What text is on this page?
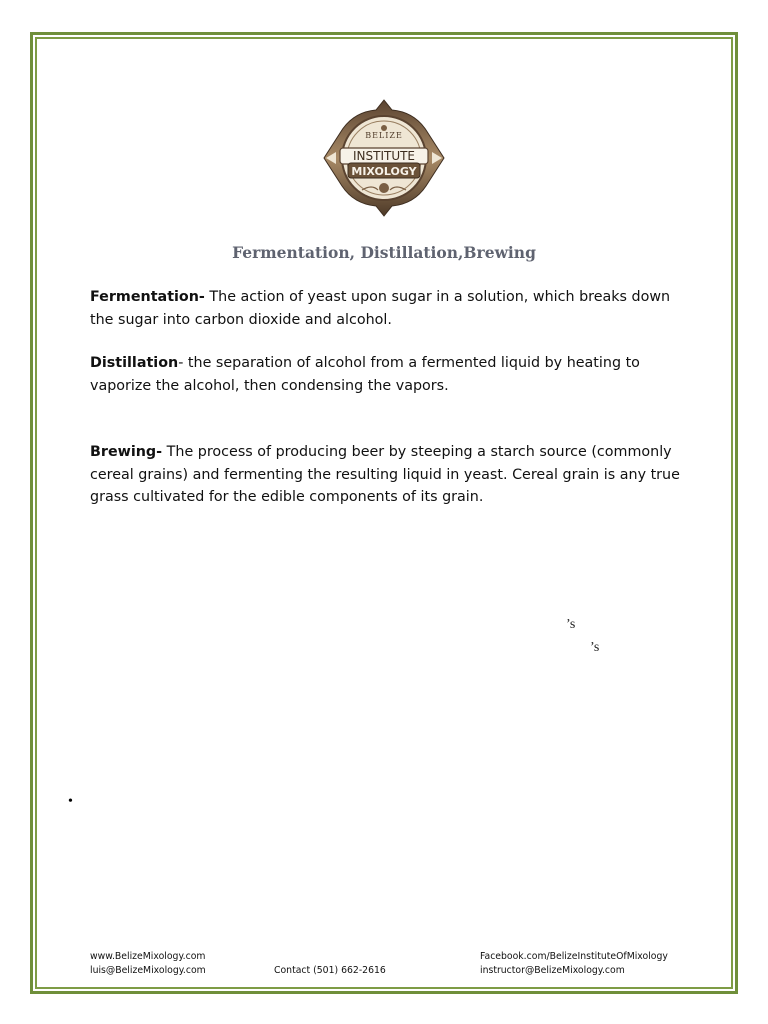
BELIZE
INSTITUTE
MIXOLOGY
Fermentation, Distillation,Brewing
Fermentation- The action of yeast upon sugar in a solution, which breaks down the sugar into carbon dioxide and alcohol.
Distillation- the separation of alcohol from a fermented liquid by heating to vaporize the alcohol, then condensing the vapors.
Brewing- The process of producing beer by steeping a starch source (commonly cereal grains) and fermenting the resulting liquid in yeast. Cereal grain is any true grass cultivated for the edible components of its grain.
’s
’s
•
www.BelizeMixology.com
luis@BelizeMixology.com	Contact (501) 662-2616
Facebook.com/BelizeInstituteOfMixology
instructor@BelizeMixology.com
